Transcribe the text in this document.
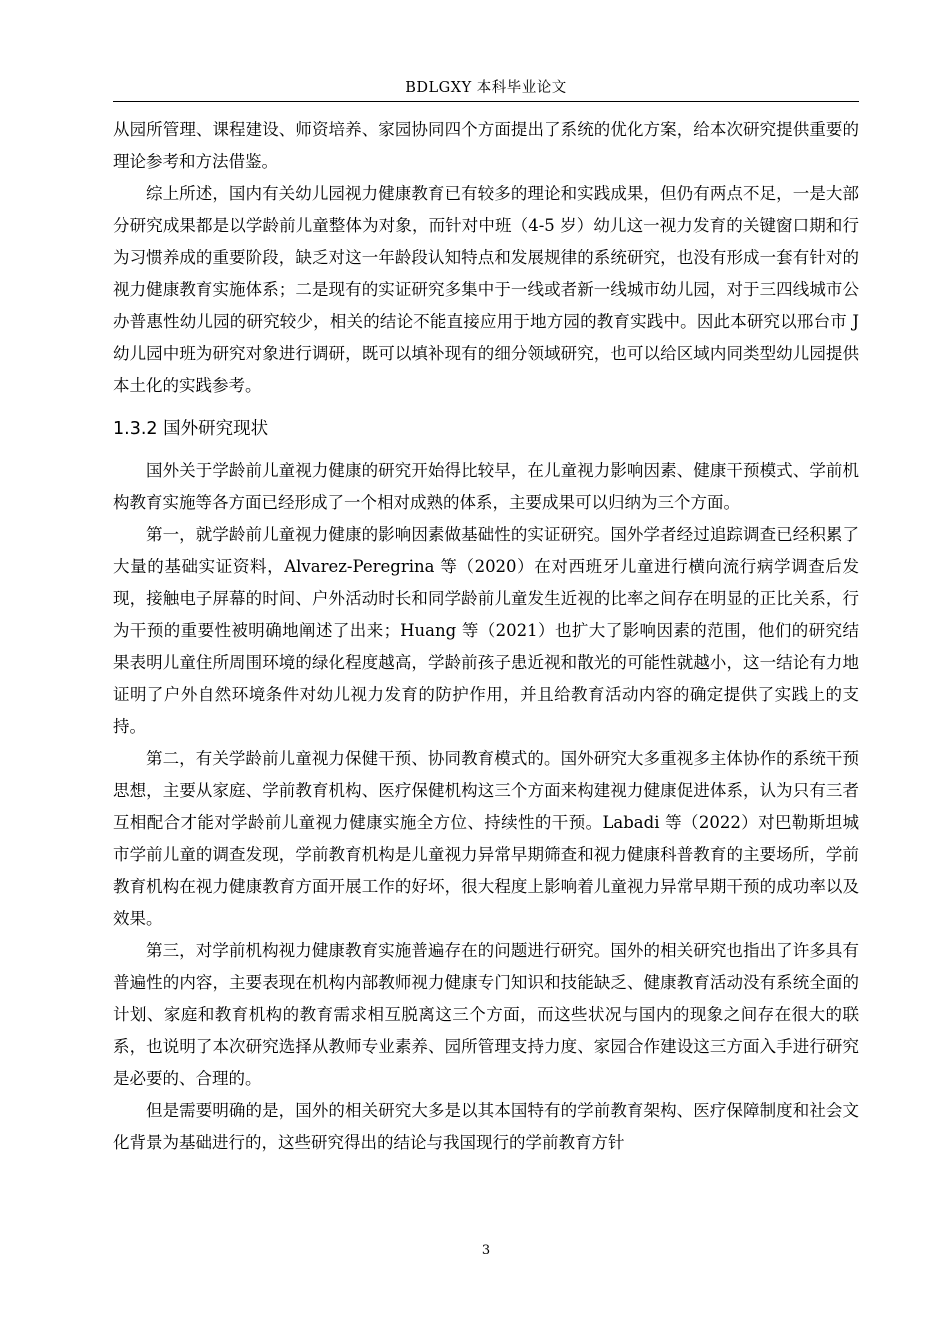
BDLGXY 本科毕业论文

从园所管理、课程建设、师资培养、家园协同四个方面提出了系统的优化方案，给本次研究提供重要的理论参考和方法借鉴。

综上所述，国内有关幼儿园视力健康教育已有较多的理论和实践成果，但仍有两点不足，一是大部分研究成果都是以学龄前儿童整体为对象，而针对中班（4-5 岁）幼儿这一视力发育的关键窗口期和行为习惯养成的重要阶段，缺乏对这一年龄段认知特点和发展规律的系统研究，也没有形成一套有针对的视力健康教育实施体系；二是现有的实证研究多集中于一线或者新一线城市幼儿园，对于三四线城市公办普惠性幼儿园的研究较少，相关的结论不能直接应用于地方园的教育实践中。因此本研究以邢台市 J 幼儿园中班为研究对象进行调研，既可以填补现有的细分领域研究，也可以给区域内同类型幼儿园提供本土化的实践参考。

1.3.2 国外研究现状

国外关于学龄前儿童视力健康的研究开始得比较早，在儿童视力影响因素、健康干预模式、学前机构教育实施等各方面已经形成了一个相对成熟的体系，主要成果可以归纳为三个方面。

第一，就学龄前儿童视力健康的影响因素做基础性的实证研究。国外学者经过追踪调查已经积累了大量的基础实证资料，Alvarez-Peregrina 等（2020）在对西班牙儿童进行横向流行病学调查后发现，接触电子屏幕的时间、户外活动时长和同学龄前儿童发生近视的比率之间存在明显的正比关系，行为干预的重要性被明确地阐述了出来；Huang 等（2021）也扩大了影响因素的范围，他们的研究结果表明儿童住所周围环境的绿化程度越高，学龄前孩子患近视和散光的可能性就越小，这一结论有力地证明了户外自然环境条件对幼儿视力发育的防护作用，并且给教育活动内容的确定提供了实践上的支持。

第二，有关学龄前儿童视力保健干预、协同教育模式的。国外研究大多重视多主体协作的系统干预思想，主要从家庭、学前教育机构、医疗保健机构这三个方面来构建视力健康促进体系，认为只有三者互相配合才能对学龄前儿童视力健康实施全方位、持续性的干预。Labadi 等（2022）对巴勒斯坦城市学前儿童的调查发现，学前教育机构是儿童视力异常早期筛查和视力健康科普教育的主要场所，学前教育机构在视力健康教育方面开展工作的好坏，很大程度上影响着儿童视力异常早期干预的成功率以及效果。

第三，对学前机构视力健康教育实施普遍存在的问题进行研究。国外的相关研究也指出了许多具有普遍性的内容，主要表现在机构内部教师视力健康专门知识和技能缺乏、健康教育活动没有系统全面的计划、家庭和教育机构的教育需求相互脱离这三个方面，而这些状况与国内的现象之间存在很大的联系，也说明了本次研究选择从教师专业素养、园所管理支持力度、家园合作建设这三方面入手进行研究是必要的、合理的。

但是需要明确的是，国外的相关研究大多是以其本国特有的学前教育架构、医疗保障制度和社会文化背景为基础进行的，这些研究得出的结论与我国现行的学前教育方针

3
